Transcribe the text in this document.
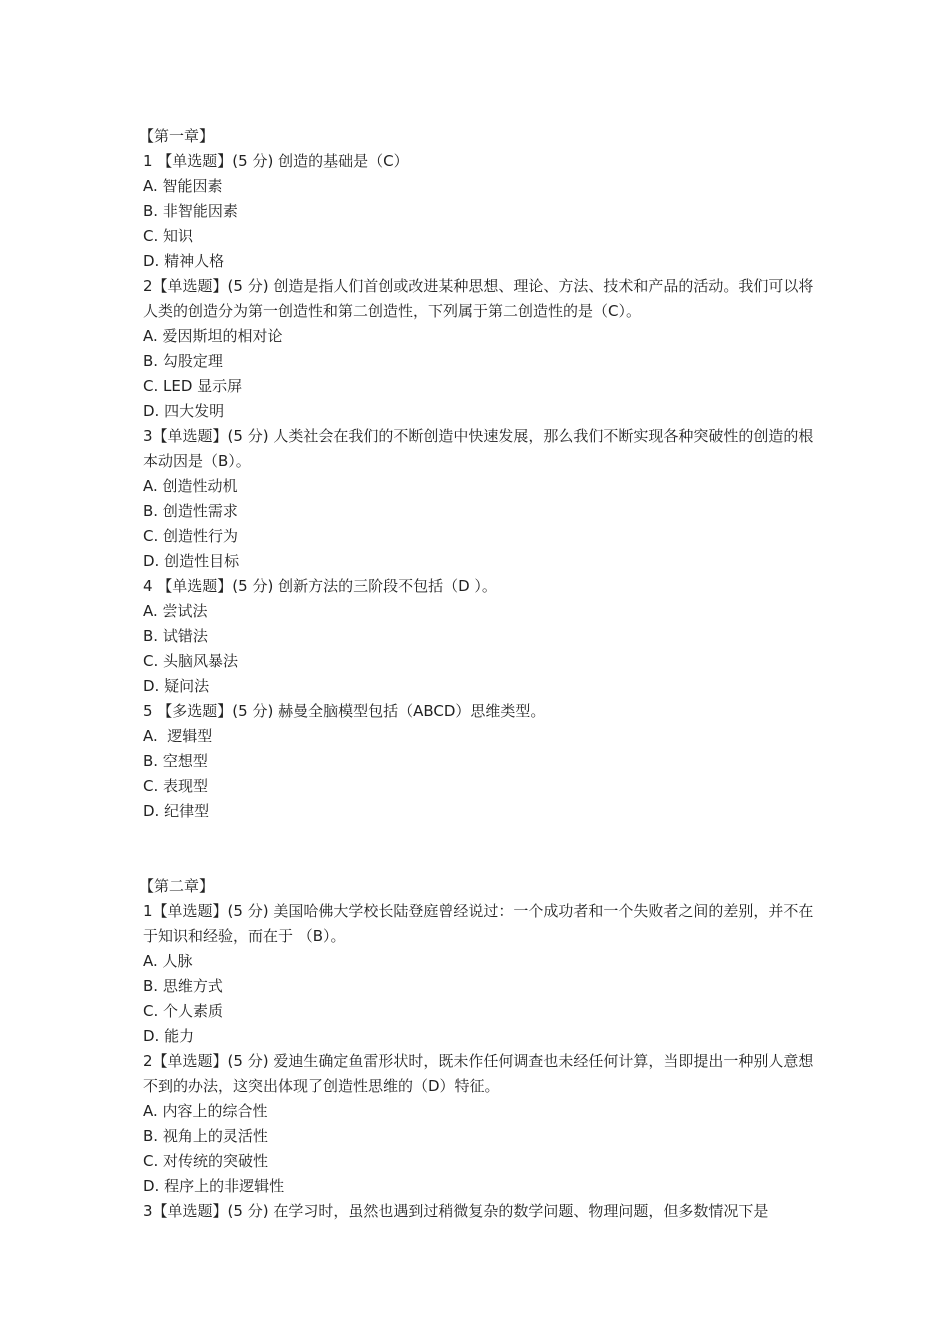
【第一章】
1 【单选题】(5 分) 创造的基础是（C）
A. 智能因素
B. 非智能因素
C. 知识
D. 精神人格
2【单选题】(5 分) 创造是指人们首创或改进某种思想、理论、方法、技术和产品的活动。我们可以将人类的创造分为第一创造性和第二创造性，下列属于第二创造性的是（C）。
A. 爱因斯坦的相对论
B. 勾股定理
C. LED 显示屏
D. 四大发明
3【单选题】(5 分) 人类社会在我们的不断创造中快速发展，那么我们不断实现各种突破性的创造的根本动因是（B）。
A. 创造性动机
B. 创造性需求
C. 创造性行为
D. 创造性目标
4 【单选题】(5 分) 创新方法的三阶段不包括（D ）。
A. 尝试法
B. 试错法
C. 头脑风暴法
D. 疑问法
5 【多选题】(5 分) 赫曼全脑模型包括（ABCD）思维类型。
A.  逻辑型
B. 空想型
C. 表现型
D. 纪律型
【第二章】
1【单选题】(5 分) 美国哈佛大学校长陆登庭曾经说过：一个成功者和一个失败者之间的差别，并不在于知识和经验，而在于 （B）。
A. 人脉
B. 思维方式
C. 个人素质
D. 能力
2【单选题】(5 分) 爱迪生确定鱼雷形状时，既未作任何调查也未经任何计算，当即提出一种别人意想不到的办法，这突出体现了创造性思维的（D）特征。
A. 内容上的综合性
B. 视角上的灵活性
C. 对传统的突破性
D. 程序上的非逻辑性
3【单选题】(5 分) 在学习时，虽然也遇到过稍微复杂的数学问题、物理问题，但多数情况下是
